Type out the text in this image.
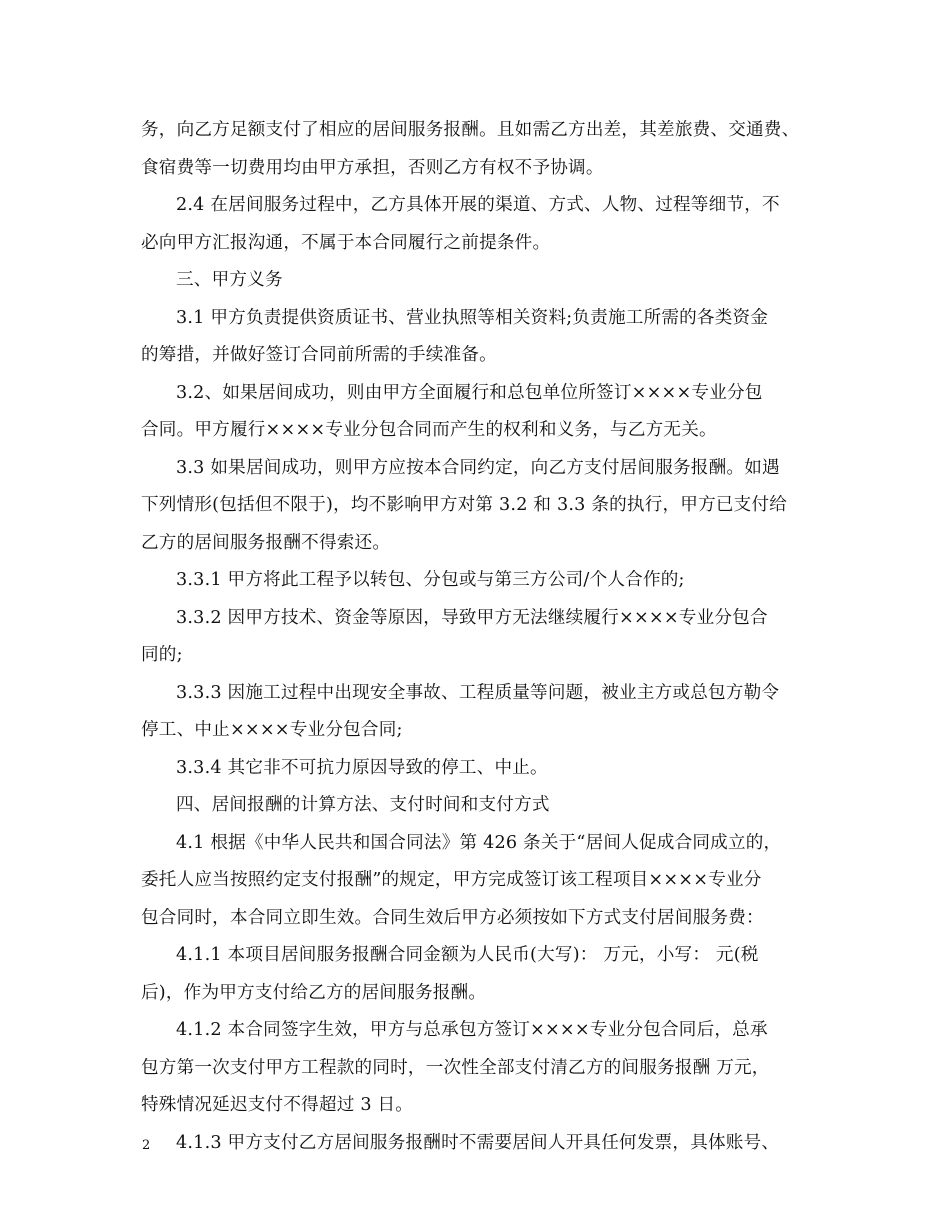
务，向乙方足额支付了相应的居间服务报酬。且如需乙方出差，其差旅费、交通费、
食宿费等一切费用均由甲方承担，否则乙方有权不予协调。
2.4 在居间服务过程中，乙方具体开展的渠道、方式、人物、过程等细节，不
必向甲方汇报沟通，不属于本合同履行之前提条件。
三、甲方义务
3.1 甲方负责提供资质证书、营业执照等相关资料;负责施工所需的各类资金
的筹措，并做好签订合同前所需的手续准备。
3.2、如果居间成功，则由甲方全面履行和总包单位所签订××××专业分包
合同。甲方履行××××专业分包合同而产生的权利和义务，与乙方无关。
3.3 如果居间成功，则甲方应按本合同约定，向乙方支付居间服务报酬。如遇
下列情形(包括但不限于)，均不影响甲方对第 3.2 和 3.3 条的执行，甲方已支付给
乙方的居间服务报酬不得索还。
3.3.1 甲方将此工程予以转包、分包或与第三方公司/个人合作的;
3.3.2 因甲方技术、资金等原因，导致甲方无法继续履行××××专业分包合
同的;
3.3.3 因施工过程中出现安全事故、工程质量等问题，被业主方或总包方勒令
停工、中止××××专业分包合同;
3.3.4 其它非不可抗力原因导致的停工、中止。
四、居间报酬的计算方法、支付时间和支付方式
4.1 根据《中华人民共和国合同法》第 426 条关于“居间人促成合同成立的，
委托人应当按照约定支付报酬”的规定，甲方完成签订该工程项目××××专业分
包合同时，本合同立即生效。合同生效后甲方必须按如下方式支付居间服务费：
4.1.1 本项目居间服务报酬合同金额为人民币(大写)： 万元，小写： 元(税
后)，作为甲方支付给乙方的居间服务报酬。
4.1.2 本合同签字生效，甲方与总承包方签订××××专业分包合同后，总承
包方第一次支付甲方工程款的同时，一次性全部支付清乙方的间服务报酬 万元，
特殊情况延迟支付不得超过 3 日。
4.1.3 甲方支付乙方居间服务报酬时不需要居间人开具任何发票，具体账号、
2
